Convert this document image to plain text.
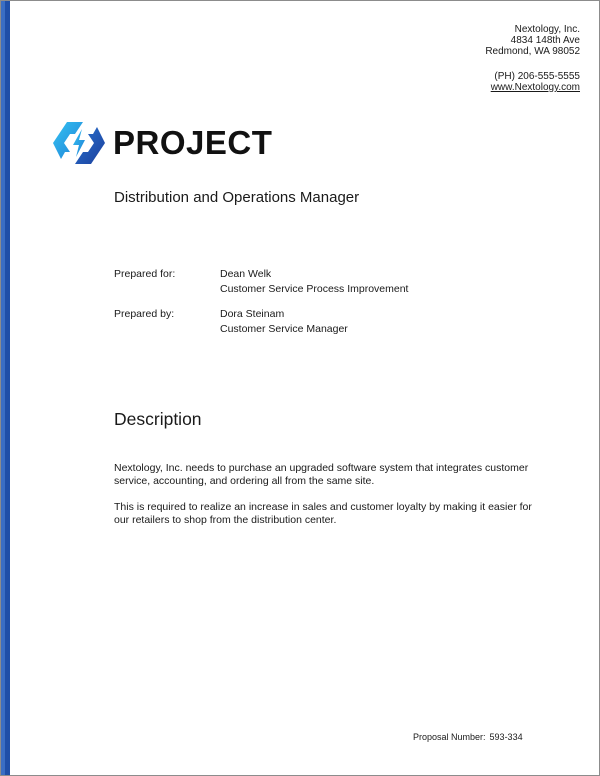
Nextology, Inc.
4834 148th Ave
Redmond, WA 98052
(PH) 206-555-5555
www.Nextology.com
PROJECT
Distribution and Operations Manager
Prepared for:	Dean Welk
Customer Service Process Improvement
Prepared by:	Dora Steinam
Customer Service Manager
Description
Nextology, Inc. needs to purchase an upgraded software system that integrates customer service, accounting, and ordering all from the same site.
This is required to realize an increase in sales and customer loyalty by making it easier for our retailers to shop from the distribution center.
Proposal Number: 593-334
